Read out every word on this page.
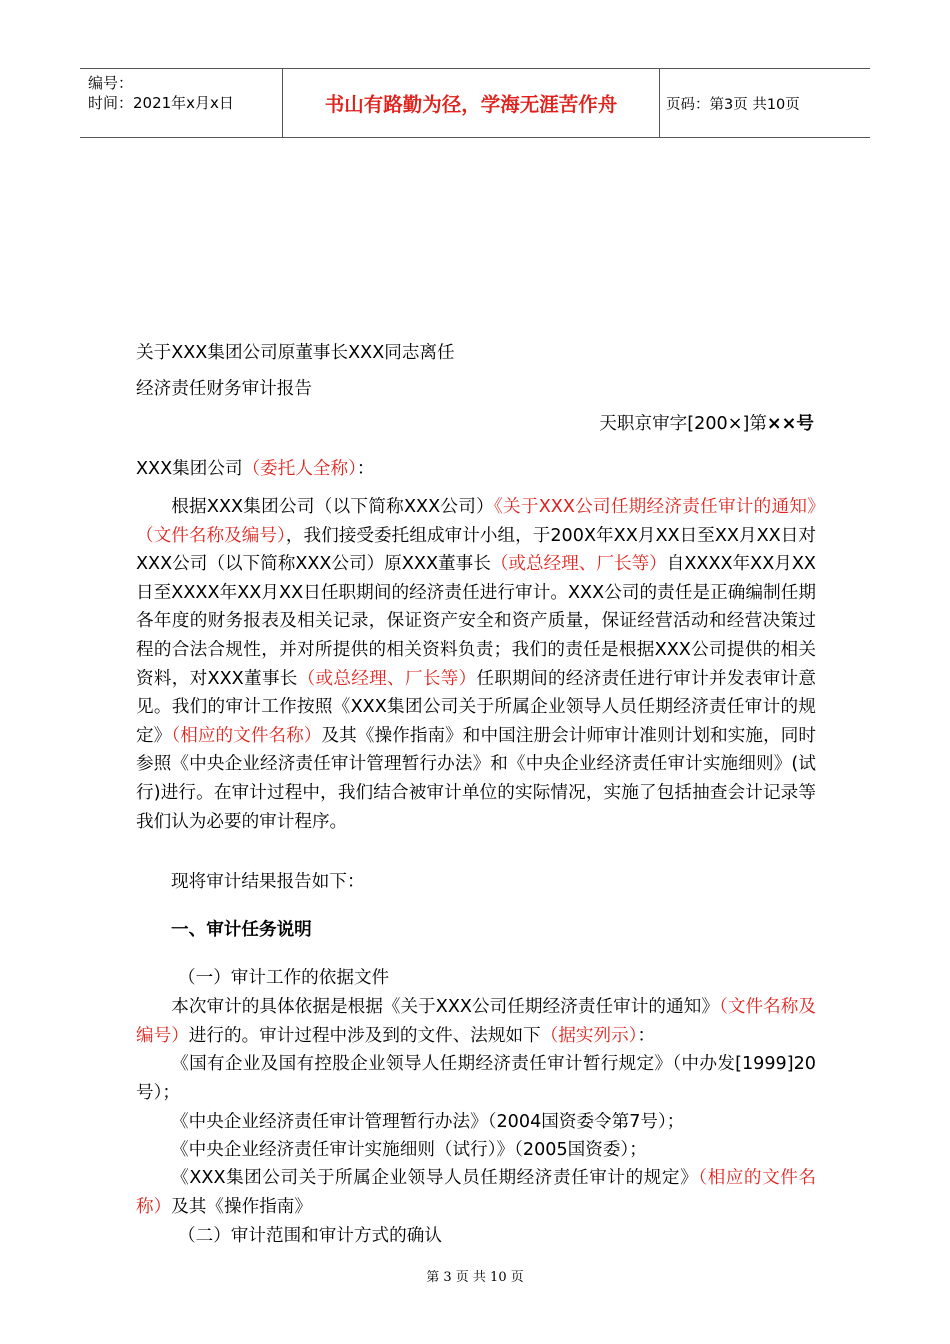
编号：
时间：2021年x月x日	书山有路勤为径，学海无涯苦作舟	页码：第3页 共10页
关于XXX集团公司原董事长XXX同志离任
经济责任财务审计报告
天职京审字[200×]第××号
XXX集团公司（委托人全称）：

根据XXX集团公司（以下简称XXX公司）《关于XXX公司任期经济责任审计的通知》（文件名称及编号），我们接受委托组成审计小组，于200X年XX月XX日至XX月XX日对XXX公司（以下简称XXX公司）原XXX董事长（或总经理、厂长等）自XXXX年XX月XX日至XXXX年XX月XX日任职期间的经济责任进行审计。XXX公司的责任是正确编制任期各年度的财务报表及相关记录，保证资产安全和资产质量，保证经营活动和经营决策过程的合法合规性，并对所提供的相关资料负责；我们的责任是根据XXX公司提供的相关资料，对XXX董事长（或总经理、厂长等）任职期间的经济责任进行审计并发表审计意见。我们的审计工作按照《XXX集团公司关于所属企业领导人员任期经济责任审计的规定》（相应的文件名称）及其《操作指南》和中国注册会计师审计准则计划和实施，同时参照《中央企业经济责任审计管理暂行办法》和《中央企业经济责任审计实施细则》(试行)进行。在审计过程中，我们结合被审计单位的实际情况，实施了包括抽查会计记录等我们认为必要的审计程序。

现将审计结果报告如下：
一、审计任务说明
（一）审计工作的依据文件

本次审计的具体依据是根据《关于XXX公司任期经济责任审计的通知》（文件名称及编号）进行的。审计过程中涉及到的文件、法规如下（据实列示）：

《国有企业及国有控股企业领导人任期经济责任审计暂行规定》（中办发[1999]20号）；

《中央企业经济责任审计管理暂行办法》（2004国资委令第7号）；
《中央企业经济责任审计实施细则（试行）》（2005国资委）；

《XXX集团公司关于所属企业领导人员任期经济责任审计的规定》（相应的文件名称）及其《操作指南》

（二）审计范围和审计方式的确认
第 3 页 共 10 页
